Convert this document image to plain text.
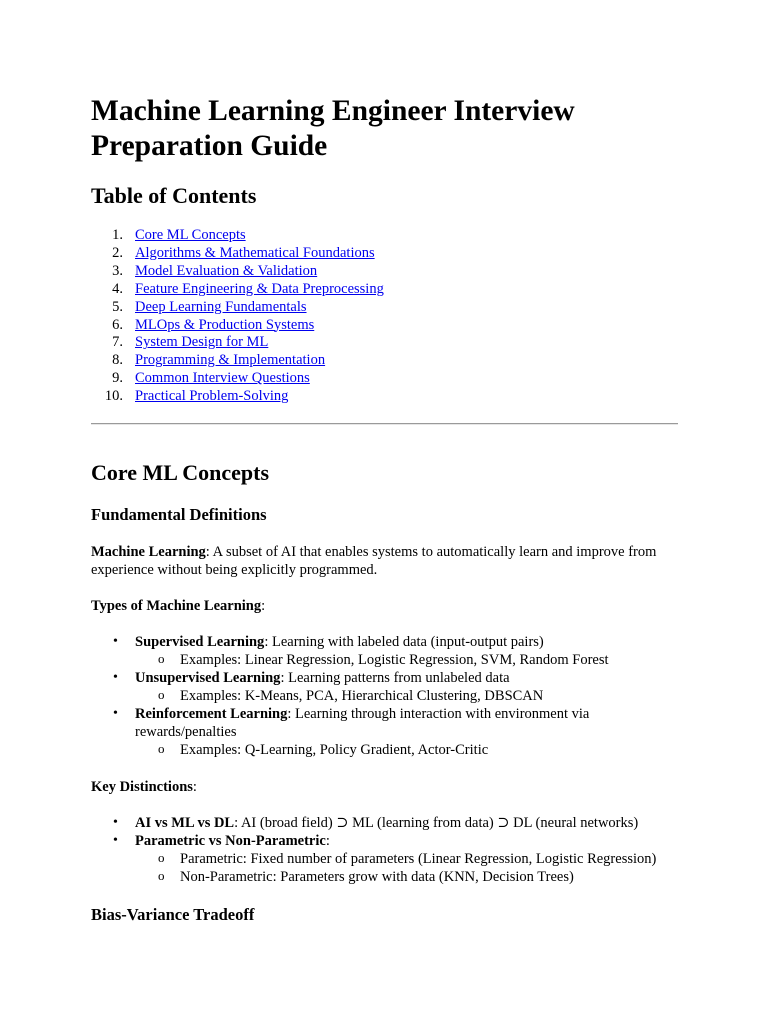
Machine Learning Engineer Interview Preparation Guide
Table of Contents
1. Core ML Concepts
2. Algorithms & Mathematical Foundations
3. Model Evaluation & Validation
4. Feature Engineering & Data Preprocessing
5. Deep Learning Fundamentals
6. MLOps & Production Systems
7. System Design for ML
8. Programming & Implementation
9. Common Interview Questions
10. Practical Problem-Solving
Core ML Concepts
Fundamental Definitions

Machine Learning: A subset of AI that enables systems to automatically learn and improve from experience without being explicitly programmed.

Types of Machine Learning:

• Supervised Learning: Learning with labeled data (input-output pairs)
o Examples: Linear Regression, Logistic Regression, SVM, Random Forest
• Unsupervised Learning: Learning patterns from unlabeled data
o Examples: K-Means, PCA, Hierarchical Clustering, DBSCAN
• Reinforcement Learning: Learning through interaction with environment via rewards/penalties
o Examples: Q-Learning, Policy Gradient, Actor-Critic

Key Distinctions:

• AI vs ML vs DL: AI (broad field) ⊃ ML (learning from data) ⊃ DL (neural networks)
• Parametric vs Non-Parametric:
o Parametric: Fixed number of parameters (Linear Regression, Logistic Regression)
o Non-Parametric: Parameters grow with data (KNN, Decision Trees)
Bias-Variance Tradeoff
